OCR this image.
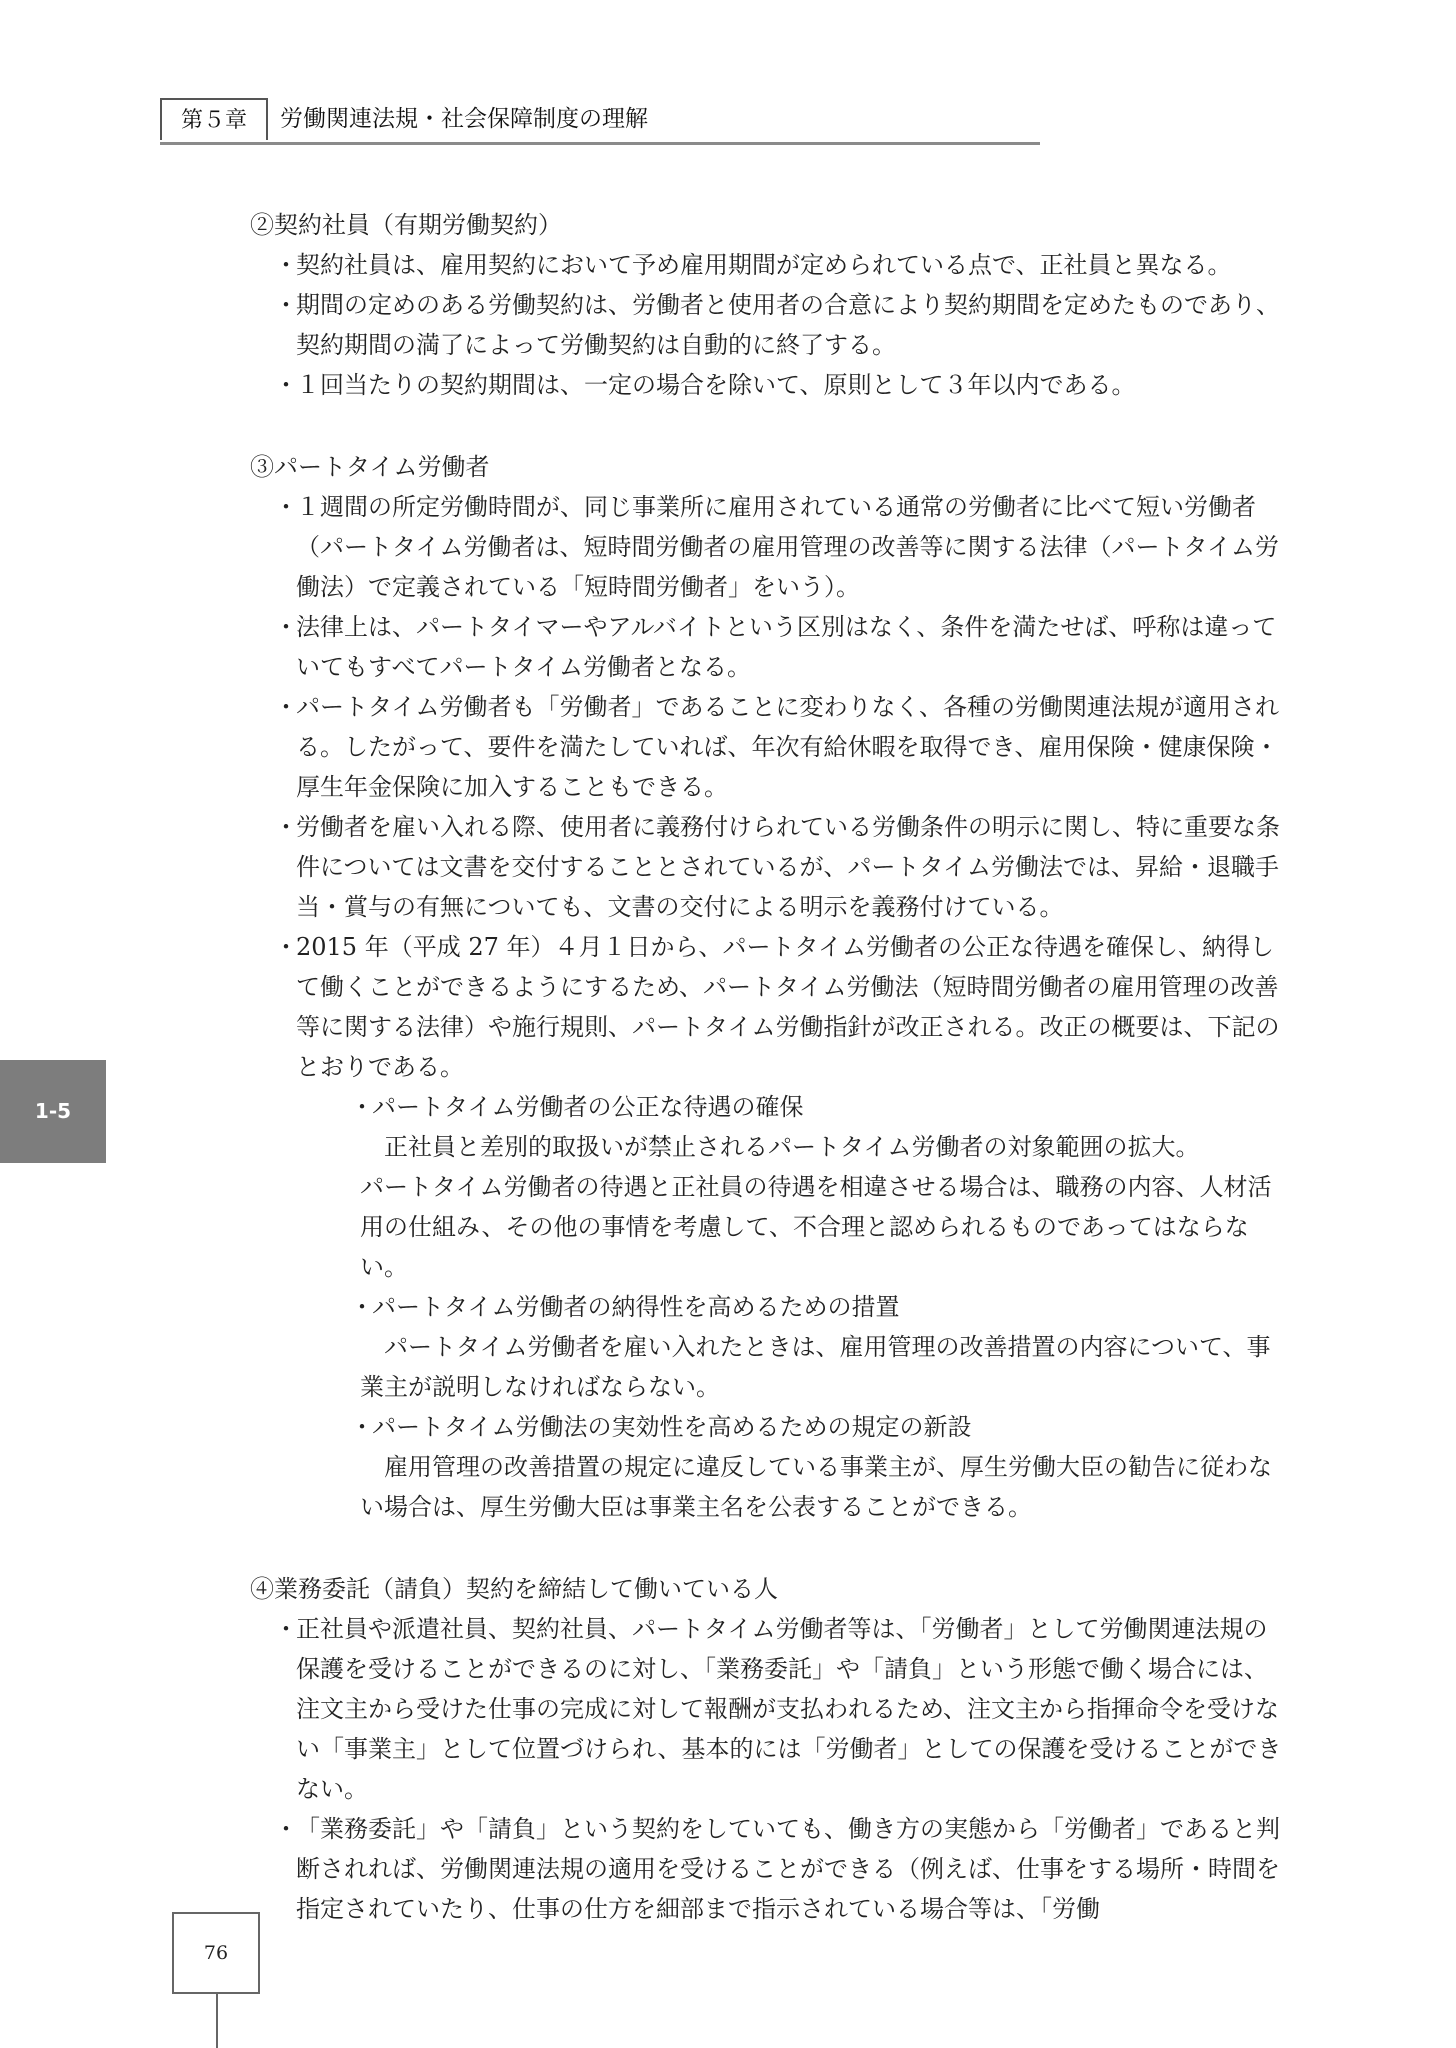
第５章	労働関連法規・社会保障制度の理解
1-5

②契約社員（有期労働契約）

・契約社員は、雇用契約において予め雇用期間が定められている点で、正社員と異なる。

・期間の定めのある労働契約は、労働者と使用者の合意により契約期間を定めたものであり、契約期間の満了によって労働契約は自動的に終了する。

・１回当たりの契約期間は、一定の場合を除いて、原則として３年以内である。

③パートタイム労働者

・１週間の所定労働時間が、同じ事業所に雇用されている通常の労働者に比べて短い労働者（パートタイム労働者は、短時間労働者の雇用管理の改善等に関する法律（パートタイム労働法）で定義されている「短時間労働者」をいう）。

・法律上は、パートタイマーやアルバイトという区別はなく、条件を満たせば、呼称は違っていてもすべてパートタイム労働者となる。

・パートタイム労働者も「労働者」であることに変わりなく、各種の労働関連法規が適用される。したがって、要件を満たしていれば、年次有給休暇を取得でき、雇用保険・健康保険・厚生年金保険に加入することもできる。

・労働者を雇い入れる際、使用者に義務付けられている労働条件の明示に関し、特に重要な条件については文書を交付することとされているが、パートタイム労働法では、昇給・退職手当・賞与の有無についても、文書の交付による明示を義務付けている。

・2015 年（平成 27 年）４月１日から、パートタイム労働者の公正な待遇を確保し、納得して働くことができるようにするため、パートタイム労働法（短時間労働者の雇用管理の改善等に関する法律）や施行規則、パートタイム労働指針が改正される。改正の概要は、下記のとおりである。

・パートタイム労働者の公正な待遇の確保

正社員と差別的取扱いが禁止されるパートタイム労働者の対象範囲の拡大。

パートタイム労働者の待遇と正社員の待遇を相違させる場合は、職務の内容、人材活用の仕組み、その他の事情を考慮して、不合理と認められるものであってはならない。

・パートタイム労働者の納得性を高めるための措置

パートタイム労働者を雇い入れたときは、雇用管理の改善措置の内容について、事業主が説明しなければならない。

・パートタイム労働法の実効性を高めるための規定の新設

雇用管理の改善措置の規定に違反している事業主が、厚生労働大臣の勧告に従わない場合は、厚生労働大臣は事業主名を公表することができる。

④業務委託（請負）契約を締結して働いている人

・正社員や派遣社員、契約社員、パートタイム労働者等は、「労働者」として労働関連法規の保護を受けることができるのに対し、「業務委託」や「請負」という形態で働く場合には、注文主から受けた仕事の完成に対して報酬が支払われるため、注文主から指揮命令を受けない「事業主」として位置づけられ、基本的には「労働者」としての保護を受けることができない。

・「業務委託」や「請負」という契約をしていても、働き方の実態から「労働者」であると判断されれば、労働関連法規の適用を受けることができる（例えば、仕事をする場所・時間を指定されていたり、仕事の仕方を細部まで指示されている場合等は、「労働

76
